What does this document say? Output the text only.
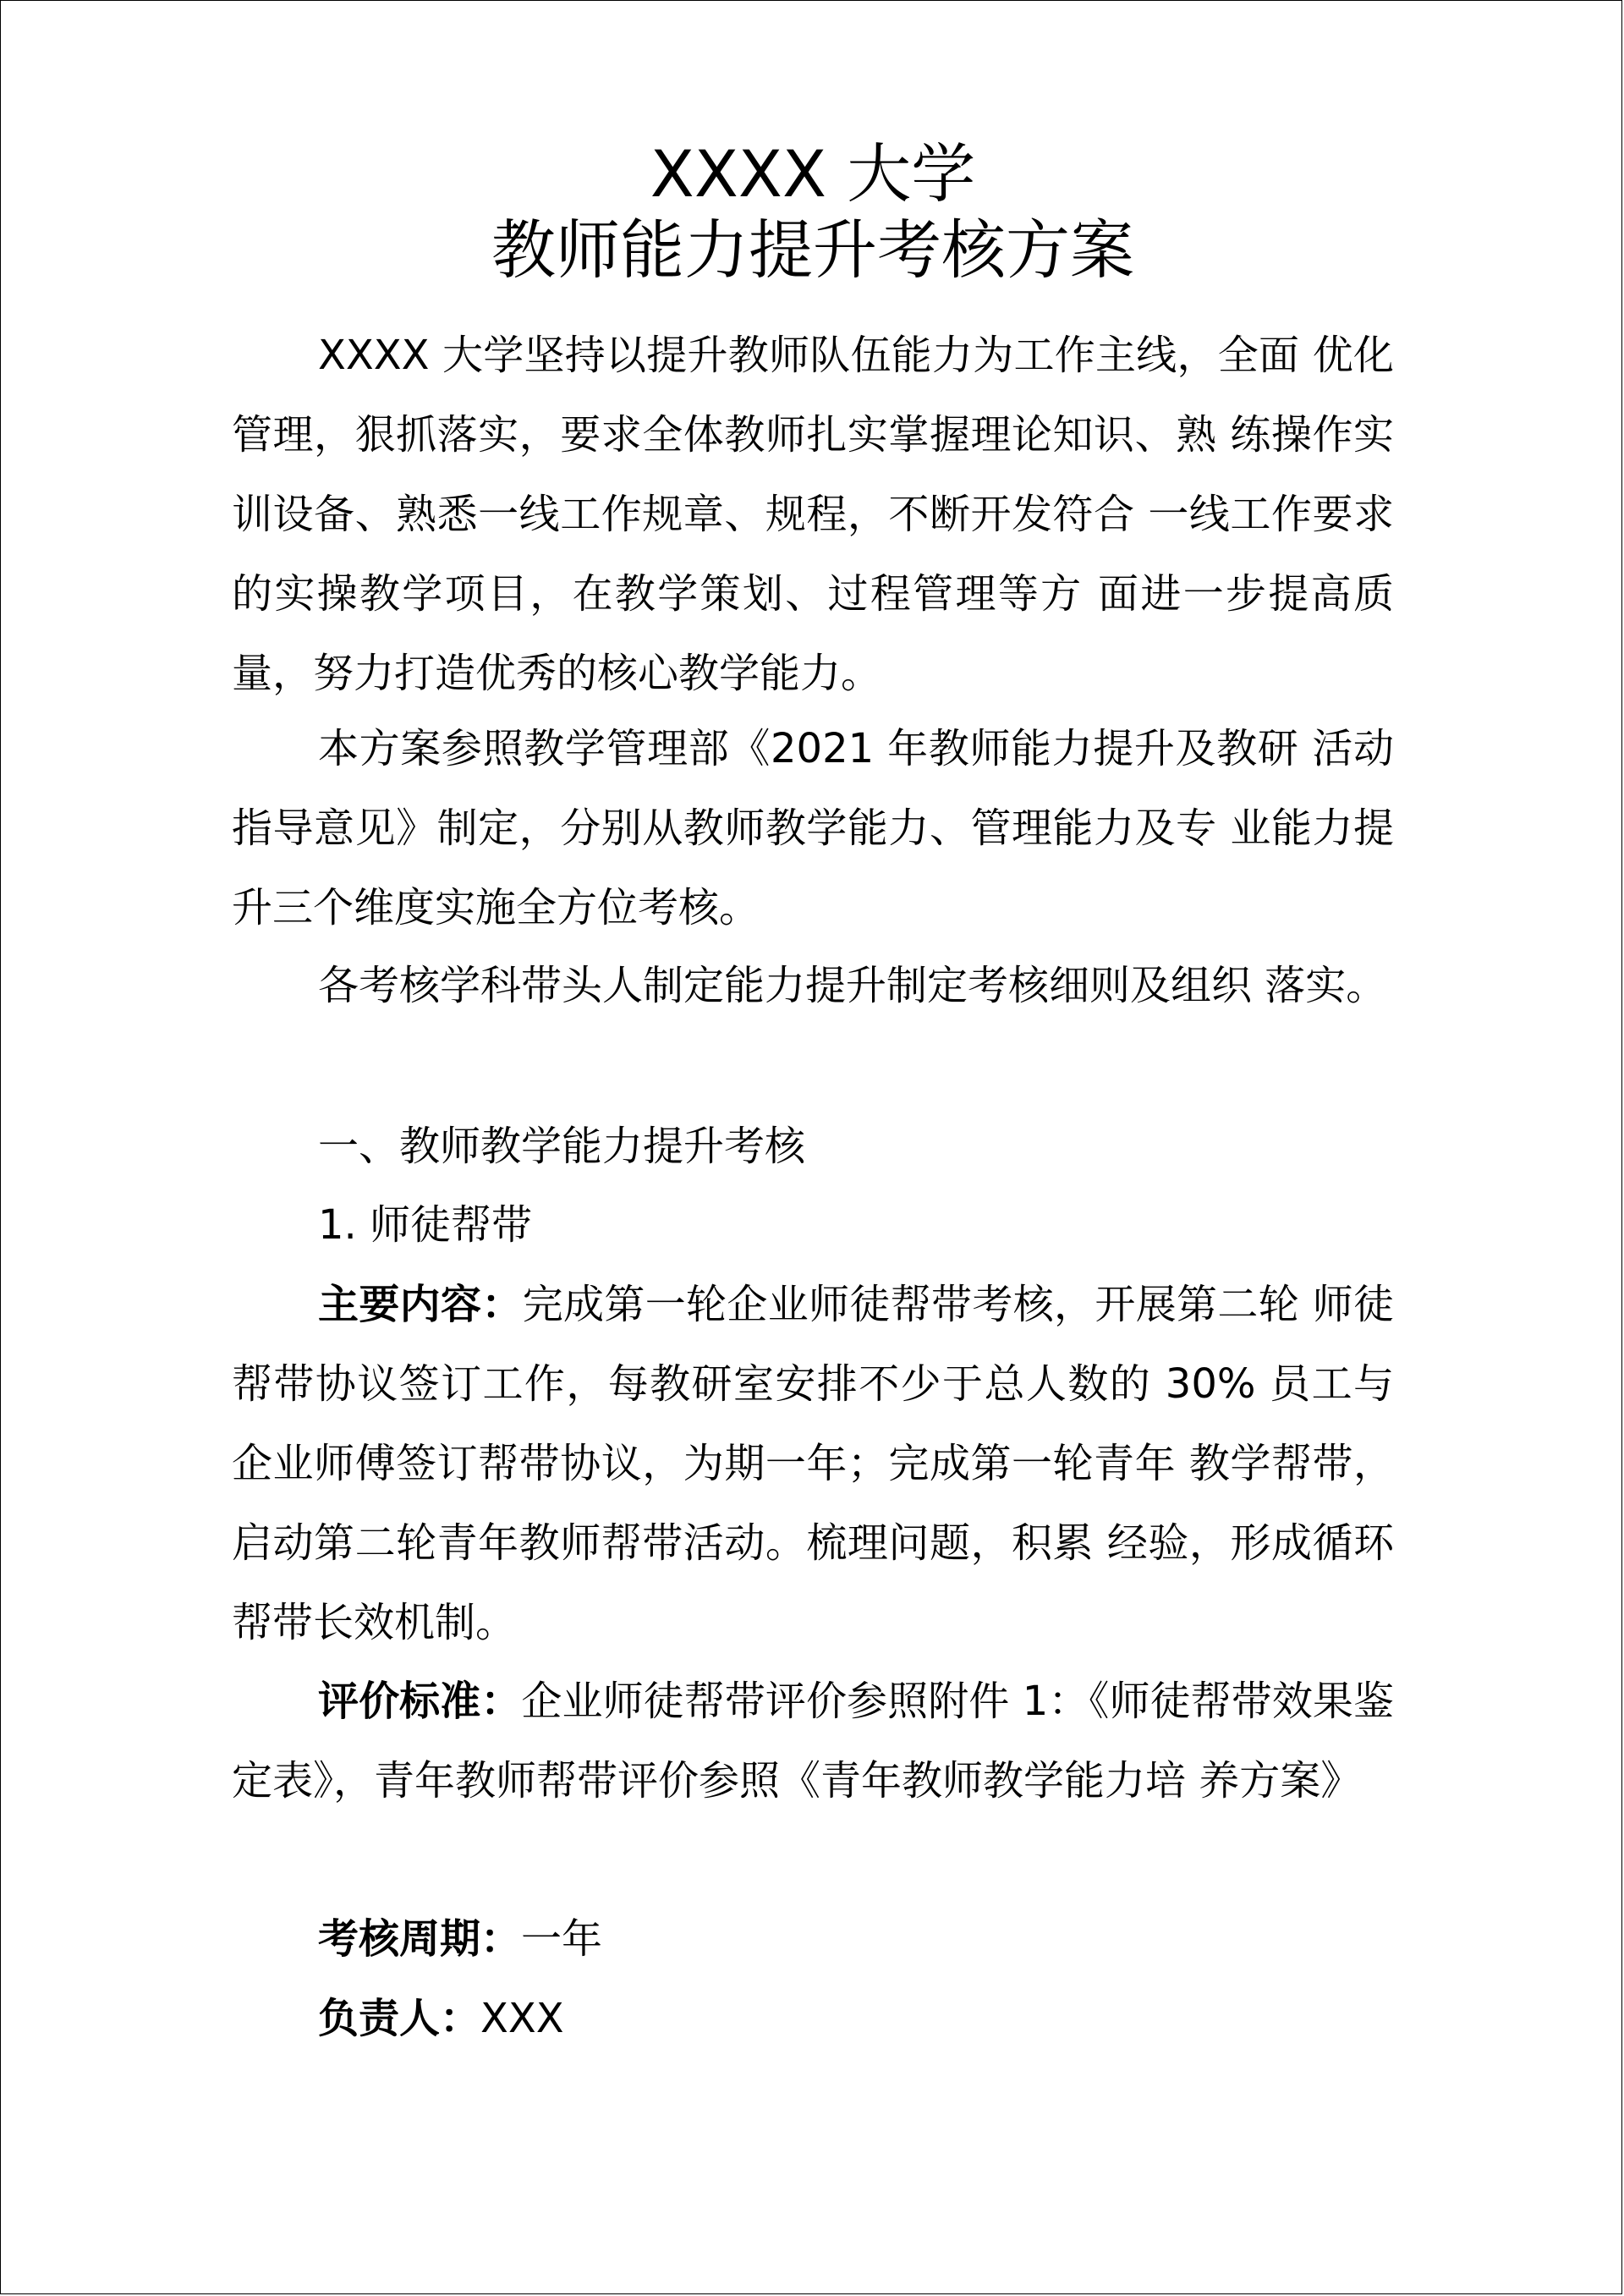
XXXX 大学
教师能力提升考核方案

XXXX 大学坚持以提升教师队伍能力为工作主线，全面 优化管理，狠抓落实，要求全体教师扎实掌握理论知识、熟 练操作实训设备、熟悉一线工作规章、规程，不断开发符合 一线工作要求的实操教学项目，在教学策划、过程管理等方 面进一步提高质量，努力打造优秀的核心教学能力。

本方案参照教学管理部《2021 年教师能力提升及教研 活动指导意见》制定，分别从教师教学能力、管理能力及专 业能力提升三个维度实施全方位考核。

各考核学科带头人制定能力提升制定考核细则及组织 落实。

一、教师教学能力提升考核

1. 师徒帮带

主要内容：完成第一轮企业师徒帮带考核，开展第二轮 师徒帮带协议签订工作，每教研室安排不少于总人数的 30% 员工与企业师傅签订帮带协议，为期一年；完成第一轮青年 教学帮带，启动第二轮青年教师帮带活动。梳理问题，积累 经验，形成循环帮带长效机制。

评价标准：企业师徒帮带评价参照附件 1：《师徒帮带效果鉴定表》，青年教师帮带评价参照《青年教师教学能力培 养方案》

考核周期：一年

负责人：XXX
